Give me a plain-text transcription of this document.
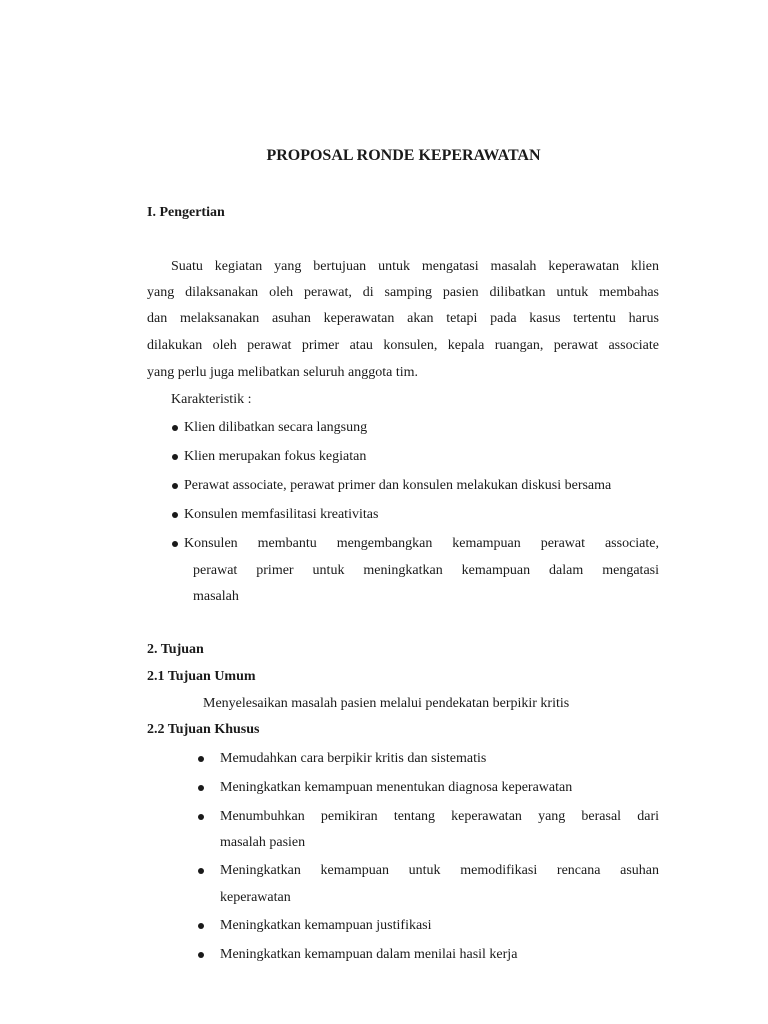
PROPOSAL RONDE KEPERAWATAN
I. Pengertian
Suatu kegiatan yang bertujuan untuk mengatasi masalah keperawatan klien
yang dilaksanakan oleh perawat, di samping pasien dilibatkan untuk membahas
dan melaksanakan asuhan keperawatan akan tetapi pada kasus tertentu harus
dilakukan oleh perawat primer atau konsulen, kepala ruangan, perawat associate
yang perlu juga melibatkan seluruh anggota tim.
Karakteristik :
Klien dilibatkan secara langsung
Klien merupakan fokus kegiatan
Perawat associate, perawat primer dan konsulen melakukan diskusi bersama
Konsulen memfasilitasi kreativitas
Konsulen membantu mengembangkan kemampuan perawat associate,
perawat primer untuk meningkatkan kemampuan dalam mengatasi
masalah
2. Tujuan
2.1 Tujuan Umum
Menyelesaikan masalah pasien melalui pendekatan berpikir kritis
2.2 Tujuan Khusus
Memudahkan cara berpikir kritis dan sistematis
Meningkatkan kemampuan menentukan diagnosa keperawatan
Menumbuhkan pemikiran tentang keperawatan yang berasal dari
masalah pasien
Meningkatkan kemampuan untuk memodifikasi rencana asuhan
keperawatan
Meningkatkan kemampuan justifikasi
Meningkatkan kemampuan dalam menilai hasil kerja
